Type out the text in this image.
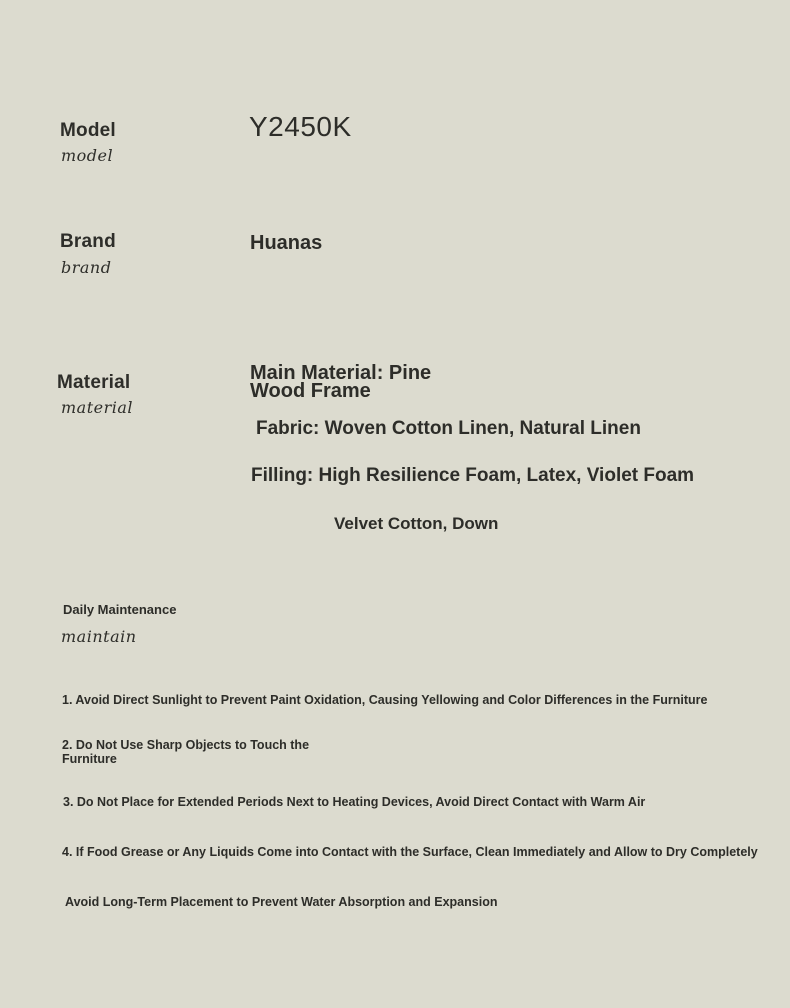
Model
model
Y2450K
Brand
brand
Huanas
Material
material
Main Material: Pine Wood Frame
Fabric: Woven Cotton Linen, Natural Linen
Filling: High Resilience Foam, Latex, Violet Foam
Velvet Cotton, Down
Daily Maintenance
maintain
1. Avoid Direct Sunlight to Prevent Paint Oxidation, Causing Yellowing and Color Differences in the Furniture
2. Do Not Use Sharp Objects to Touch the Furniture
3. Do Not Place for Extended Periods Next to Heating Devices, Avoid Direct Contact with Warm Air
4. If Food Grease or Any Liquids Come into Contact with the Surface, Clean Immediately and Allow to Dry Completely
Avoid Long-Term Placement to Prevent Water Absorption and Expansion
